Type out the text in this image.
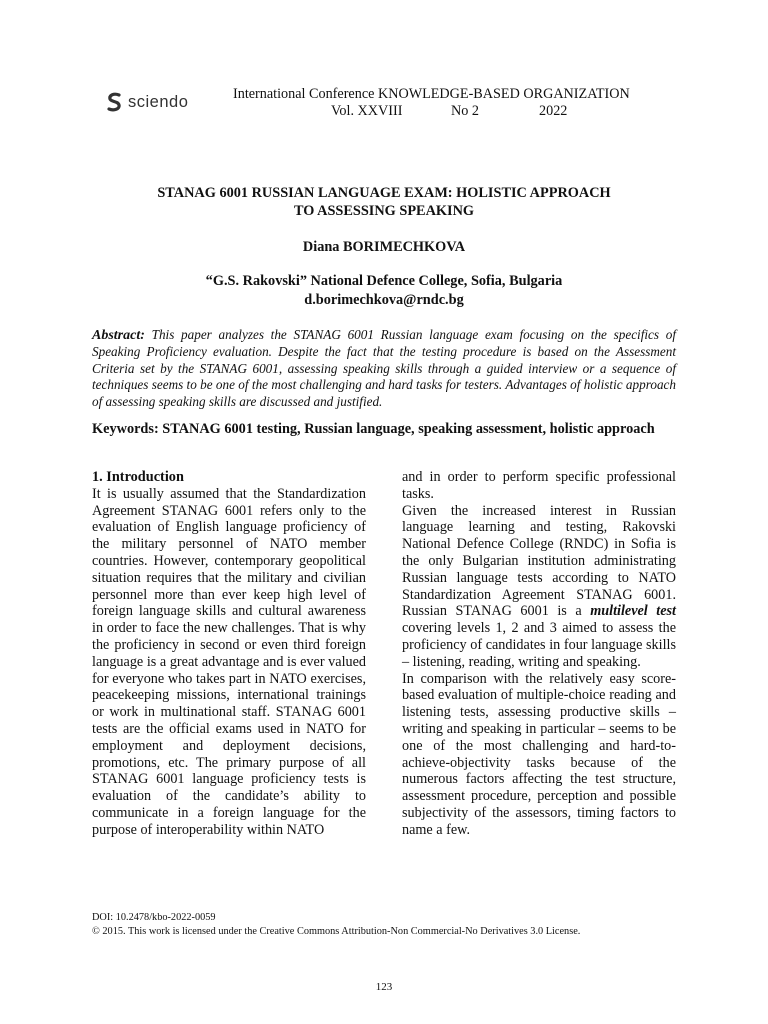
sciendo	International Conference KNOWLEDGE-BASED ORGANIZATION
Vol. XXVIII	No 2	2022
STANAG 6001 RUSSIAN LANGUAGE EXAM: HOLISTIC APPROACH
TO ASSESSING SPEAKING
Diana BORIMECHKOVA
“G.S. Rakovski” National Defence College, Sofia, Bulgaria
d.borimechkova@rndc.bg
Abstract: This paper analyzes the STANAG 6001 Russian language exam focusing on the specifics of Speaking Proficiency evaluation. Despite the fact that the testing procedure is based on the Assessment Criteria set by the STANAG 6001, assessing speaking skills through a guided interview or a sequence of techniques seems to be one of the most challenging and hard tasks for testers. Advantages of holistic approach of assessing speaking skills are discussed and justified.
Keywords: STANAG 6001 testing, Russian language, speaking assessment, holistic approach

1. Introduction

It is usually assumed that the Standardization Agreement STANAG 6001 refers only to the evaluation of English language proficiency of the military personnel of NATO member countries. However, contemporary geopolitical situation requires that the military and civilian personnel more than ever keep high level of foreign language skills and cultural awareness in order to face the new challenges. That is why the proficiency in second or even third foreign language is a great advantage and is ever valued for everyone who takes part in NATO exercises, peacekeeping missions, international trainings or work in multinational staff. STANAG 6001 tests are the official exams used in NATO for employment and deployment decisions, promotions, etc. The primary purpose of all STANAG 6001 language proficiency tests is evaluation of the candidate’s ability to communicate in a foreign language for the purpose of interoperability within NATO

and in order to perform specific professional tasks.

Given the increased interest in Russian language learning and testing, Rakovski National Defence College (RNDC) in Sofia is the only Bulgarian institution administrating Russian language tests according to NATO Standardization Agreement STANAG 6001. Russian STANAG 6001 is a multilevel test covering levels 1, 2 and 3 aimed to assess the proficiency of candidates in four language skills – listening, reading, writing and speaking.

In comparison with the relatively easy score-based evaluation of multiple-choice reading and listening tests, assessing productive skills – writing and speaking in particular – seems to be one of the most challenging and hard-to-achieve-objectivity tasks because of the numerous factors affecting the test structure, assessment procedure, perception and possible subjectivity of the assessors, timing factors to name a few.

DOI: 10.2478/kbo-2022-0059
© 2015. This work is licensed under the Creative Commons Attribution-Non Commercial-No Derivatives 3.0 License.
123
